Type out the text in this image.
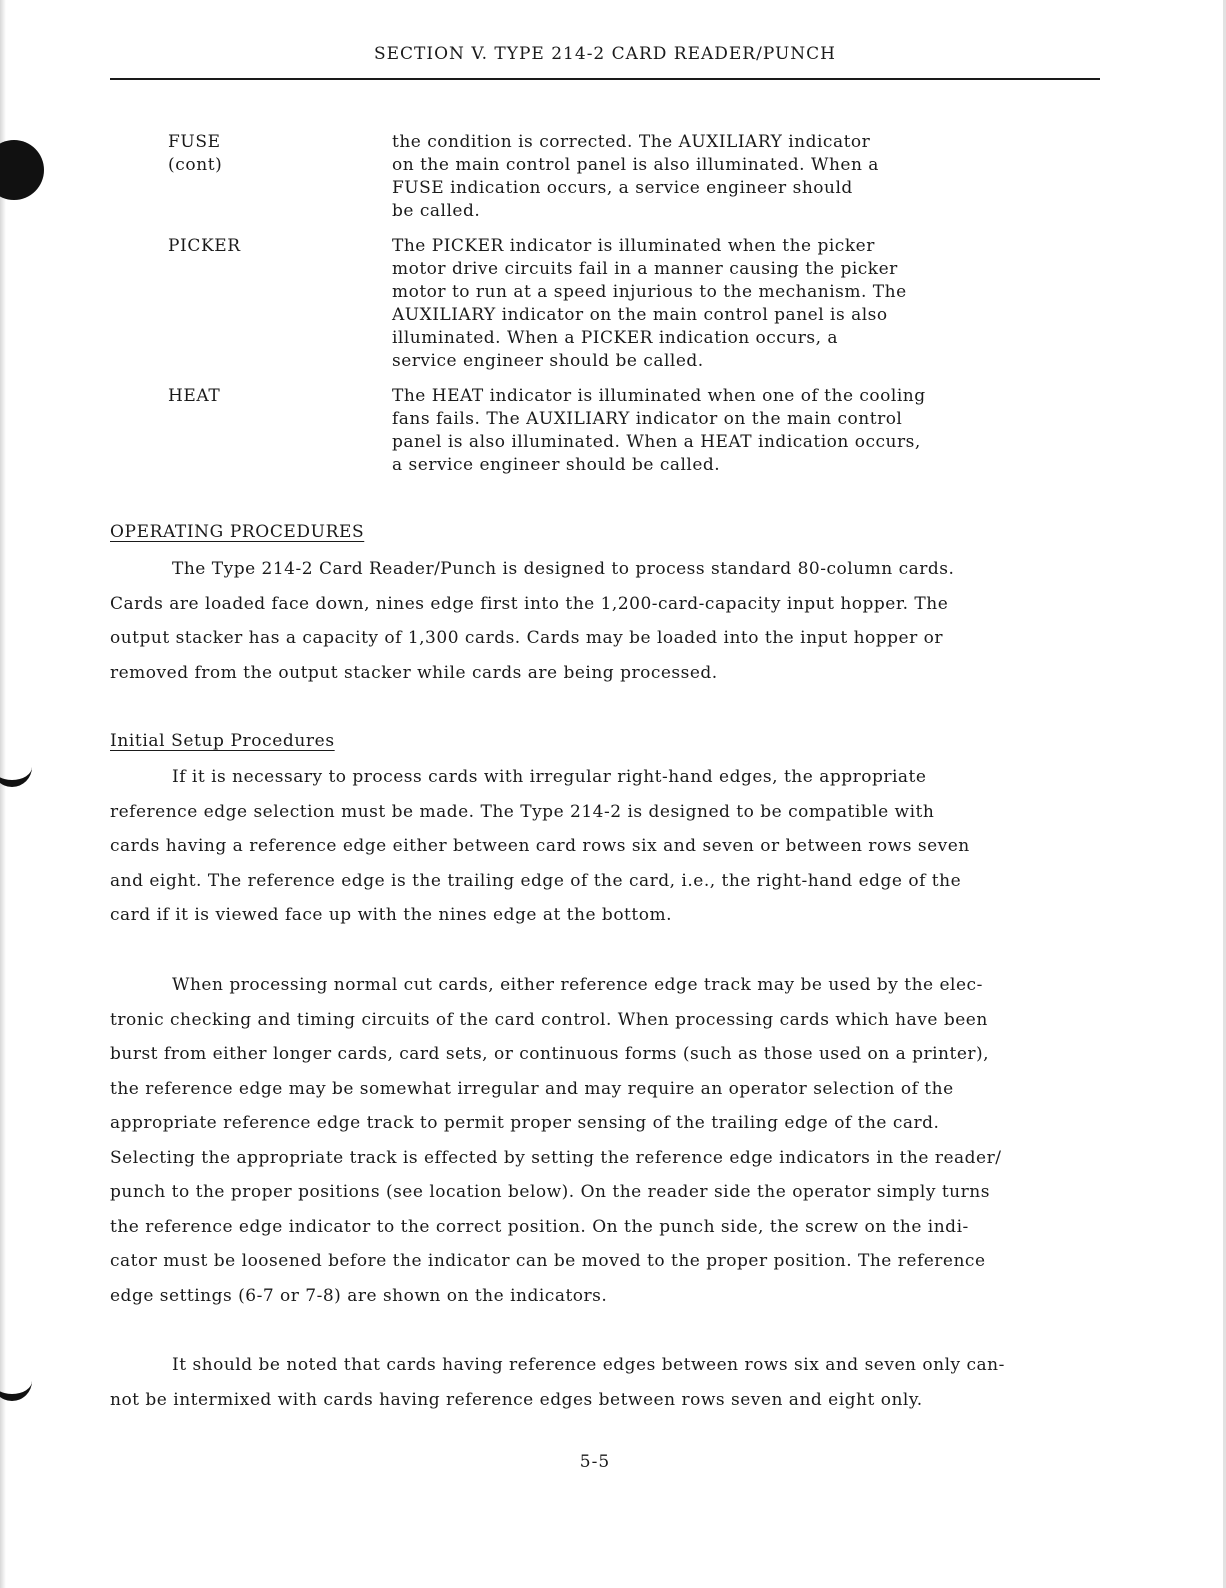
SECTION V. TYPE 214-2 CARD READER/PUNCH
FUSE
(cont)
the condition is corrected. The AUXILIARY indicator
on the main control panel is also illuminated. When a
FUSE indication occurs, a service engineer should
be called.
PICKER	The PICKER indicator is illuminated when the picker
motor drive circuits fail in a manner causing the picker
motor to run at a speed injurious to the mechanism. The
AUXILIARY indicator on the main control panel is also
illuminated. When a PICKER indication occurs, a
service engineer should be called.
HEAT	The HEAT indicator is illuminated when one of the cooling
fans fails. The AUXILIARY indicator on the main control
panel is also illuminated. When a HEAT indication occurs,
a service engineer should be called.
OPERATING PROCEDURES
The Type 214-2 Card Reader/Punch is designed to process standard 80-column cards.
Cards are loaded face down, nines edge first into the 1,200-card-capacity input hopper. The
output stacker has a capacity of 1,300 cards. Cards may be loaded into the input hopper or
removed from the output stacker while cards are being processed.
Initial Setup Procedures
If it is necessary to process cards with irregular right-hand edges, the appropriate
reference edge selection must be made. The Type 214-2 is designed to be compatible with
cards having a reference edge either between card rows six and seven or between rows seven
and eight. The reference edge is the trailing edge of the card, i.e., the right-hand edge of the
card if it is viewed face up with the nines edge at the bottom.
When processing normal cut cards, either reference edge track may be used by the elec-
tronic checking and timing circuits of the card control. When processing cards which have been
burst from either longer cards, card sets, or continuous forms (such as those used on a printer),
the reference edge may be somewhat irregular and may require an operator selection of the
appropriate reference edge track to permit proper sensing of the trailing edge of the card.
Selecting the appropriate track is effected by setting the reference edge indicators in the reader/
punch to the proper positions (see location below). On the reader side the operator simply turns
the reference edge indicator to the correct position. On the punch side, the screw on the indi-
cator must be loosened before the indicator can be moved to the proper position. The reference
edge settings (6-7 or 7-8) are shown on the indicators.
It should be noted that cards having reference edges between rows six and seven only can-
not be intermixed with cards having reference edges between rows seven and eight only.
5-5
